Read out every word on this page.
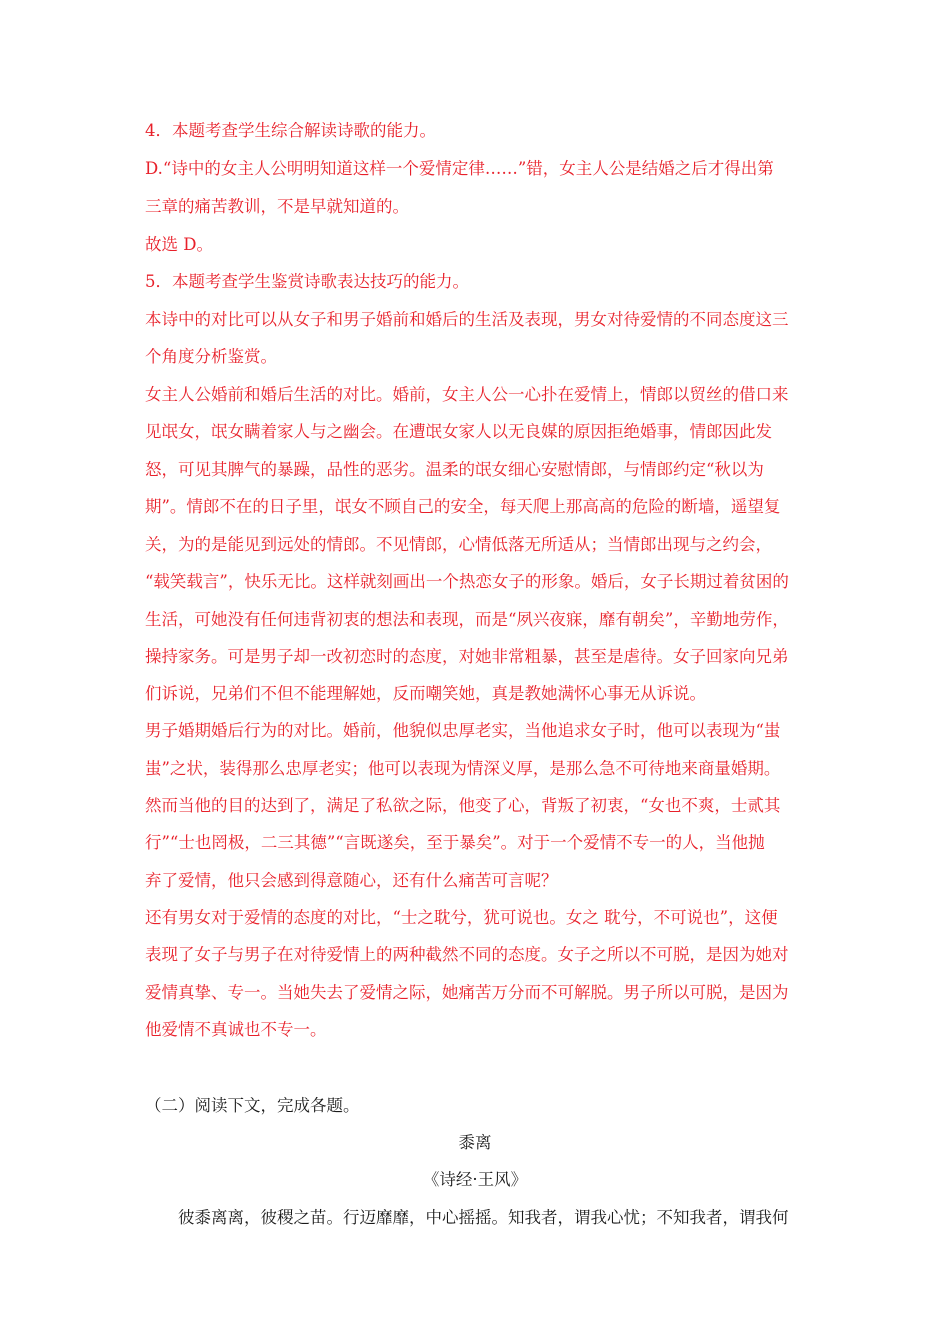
4．本题考查学生综合解读诗歌的能力。
D.“诗中的女主人公明明知道这样一个爱情定律……”错，女主人公是结婚之后才得出第
三章的痛苦教训，不是早就知道的。
故选 D。
5．本题考查学生鉴赏诗歌表达技巧的能力。
本诗中的对比可以从女子和男子婚前和婚后的生活及表现，男女对待爱情的不同态度这三
个角度分析鉴赏。
女主人公婚前和婚后生活的对比。婚前，女主人公一心扑在爱情上，情郎以贸丝的借口来
见氓女，氓女瞒着家人与之幽会。在遭氓女家人以无良媒的原因拒绝婚事，情郎因此发
怒，可见其脾气的暴躁，品性的恶劣。温柔的氓女细心安慰情郎，与情郎约定“秋以为
期”。情郎不在的日子里，氓女不顾自己的安全，每天爬上那高高的危险的断墙，遥望复
关，为的是能见到远处的情郎。不见情郎，心情低落无所适从；当情郎出现与之约会，
“载笑载言”，快乐无比。这样就刻画出一个热恋女子的形象。婚后，女子长期过着贫困的
生活，可她没有任何违背初衷的想法和表现，而是“夙兴夜寐，靡有朝矣”，辛勤地劳作，
操持家务。可是男子却一改初恋时的态度，对她非常粗暴，甚至是虐待。女子回家向兄弟
们诉说，兄弟们不但不能理解她，反而嘲笑她，真是教她满怀心事无从诉说。
男子婚期婚后行为的对比。婚前，他貌似忠厚老实，当他追求女子时，他可以表现为“蚩
蚩”之状，装得那么忠厚老实；他可以表现为情深义厚，是那么急不可待地来商量婚期。
然而当他的目的达到了，满足了私欲之际，他变了心，背叛了初衷，“女也不爽，士贰其
行”“士也罔极，二三其德”“言既遂矣，至于暴矣”。对于一个爱情不专一的人，当他抛
弃了爱情，他只会感到得意随心，还有什么痛苦可言呢？
还有男女对于爱情的态度的对比，“士之耽兮，犹可说也。女之 耽兮，不可说也”，这便
表现了女子与男子在对待爱情上的两种截然不同的态度。女子之所以不可脱，是因为她对
爱情真挚、专一。当她失去了爱情之际，她痛苦万分而不可解脱。男子所以可脱，是因为
他爱情不真诚也不专一。
（二）阅读下文，完成各题。
黍离
《诗经·王风》
彼黍离离，彼稷之苗。行迈靡靡，中心摇摇。知我者，谓我心忧；不知我者，谓我何
